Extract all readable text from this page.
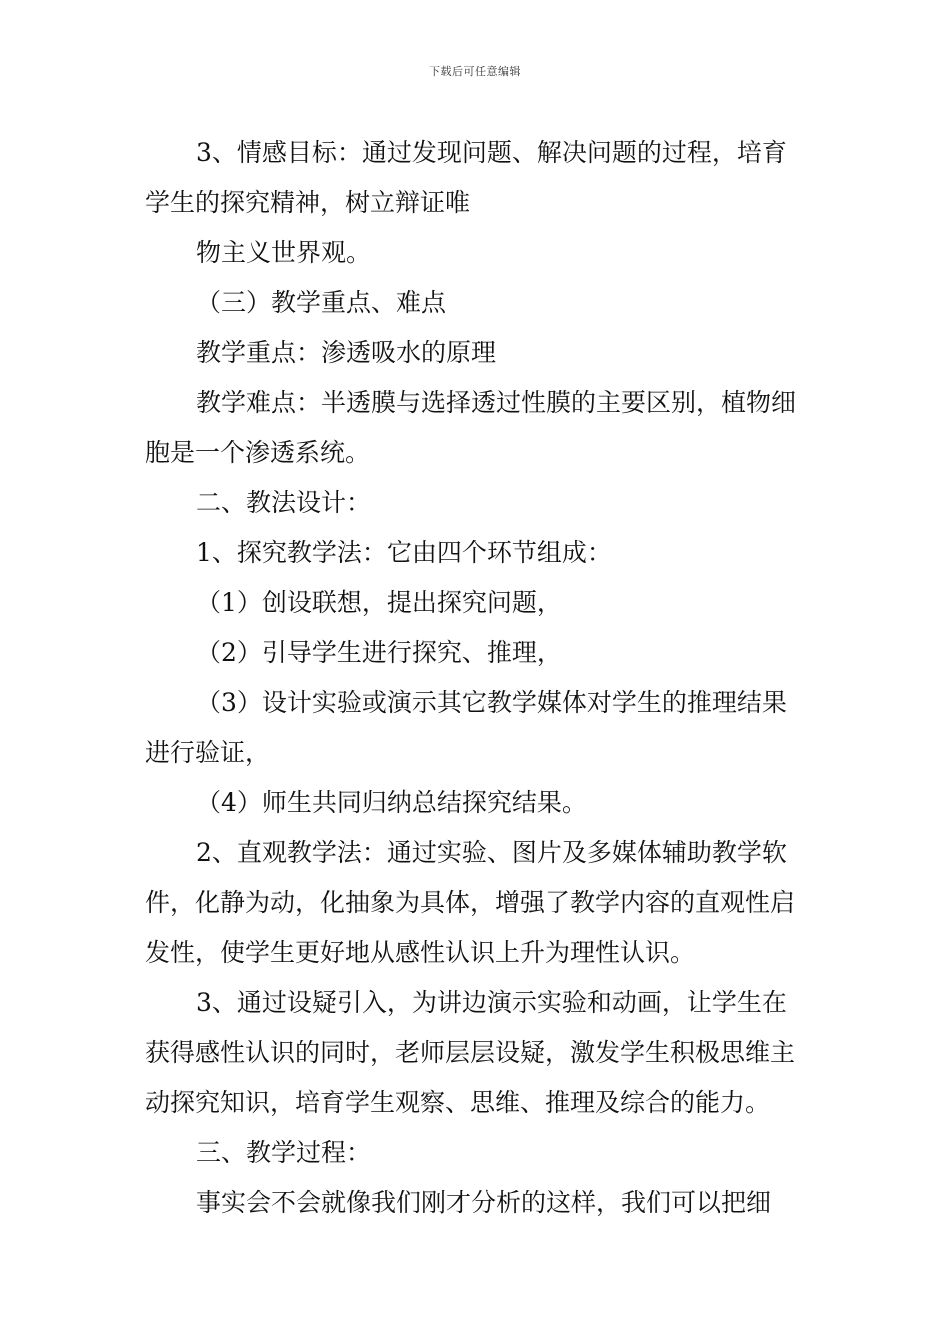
下载后可任意编辑

3、情感目标：通过发现问题、解决问题的过程，培育学生的探究精神，树立辩证唯

物主义世界观。

（三）教学重点、难点

教学重点：渗透吸水的原理

教学难点：半透膜与选择透过性膜的主要区别，植物细胞是一个渗透系统。

二、教法设计：

1、探究教学法：它由四个环节组成：

（1）创设联想，提出探究问题，

（2）引导学生进行探究、推理，

（3）设计实验或演示其它教学媒体对学生的推理结果进行验证，

（4）师生共同归纳总结探究结果。

2、直观教学法：通过实验、图片及多媒体辅助教学软件，化静为动，化抽象为具体，增强了教学内容的直观性启发性，使学生更好地从感性认识上升为理性认识。

3、通过设疑引入，为讲边演示实验和动画，让学生在获得感性认识的同时，老师层层设疑，激发学生积极思维主动探究知识，培育学生观察、思维、推理及综合的能力。

三、教学过程：

事实会不会就像我们刚才分析的这样，我们可以把细
